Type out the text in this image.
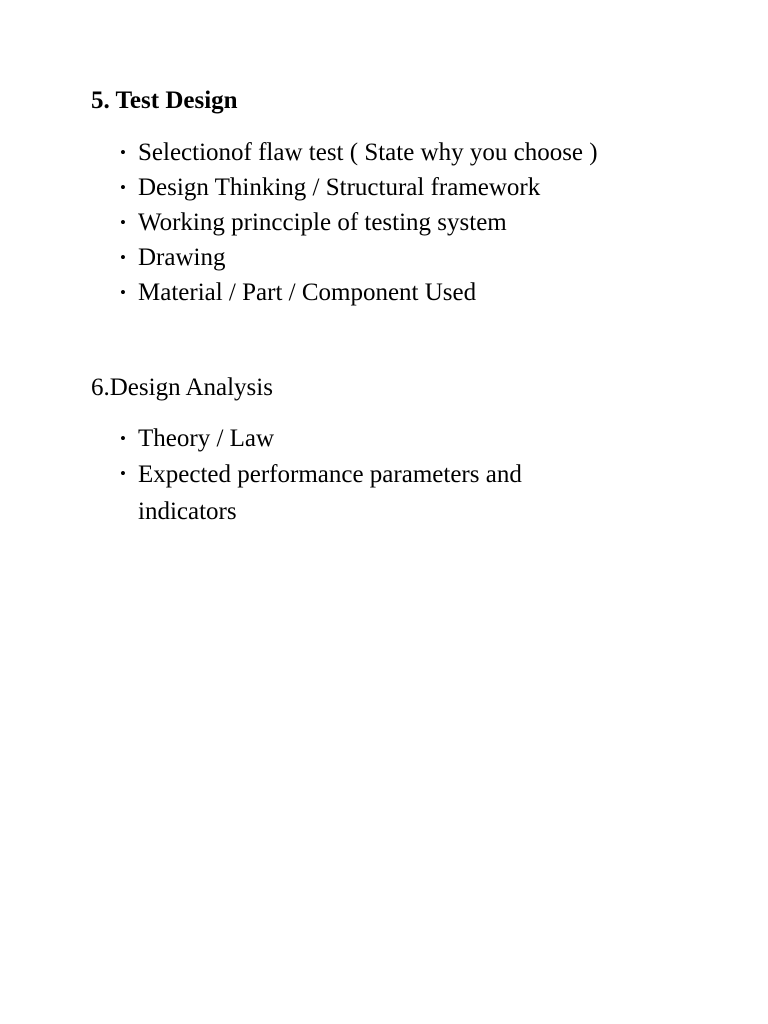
5. Test Design
• Selectionof flaw test ( State why you choose )
• Design Thinking / Structural framework
• Working princciple of testing system
• Drawing
• Material / Part / Component Used
6.Design Analysis
• Theory / Law
• Expected performance parameters and indicators
